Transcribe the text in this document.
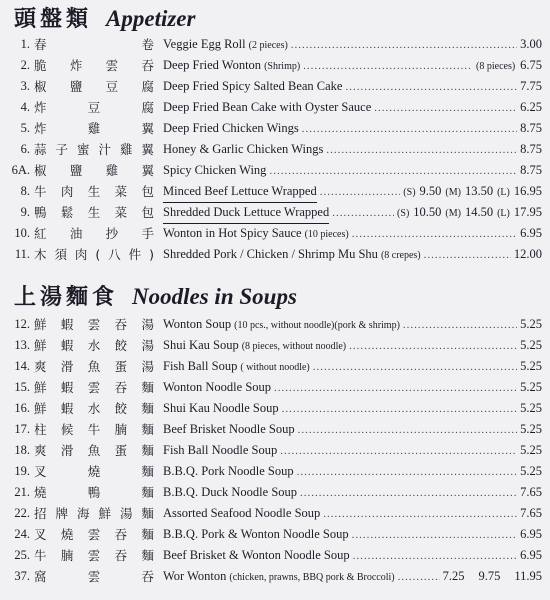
頭盤類 Appetizer
1. 春	卷 Veggie Egg Roll (2 pieces) .....	3.00
2. 脆 炸 雲 吞 Deep Fried Wonton (Shrimp) .....	(8 pieces) 6.75
3. 椒 鹽 豆 腐 Deep Fried Spicy Salted Bean Cake .....	7.75
4. 炸	豆	腐 Deep Fried Bean Cake with Oyster Sauce .....	6.25
5. 炸	雞	翼 Deep Fried Chicken Wings .....	8.75
6. 蒜 子 蜜 汁 雞 翼 Honey & Garlic Chicken Wings .....	8.75
6A. 椒 鹽 雞 翼 Spicy Chicken Wing .....	8.75
8. 牛 肉 生 菜 包 Minced Beef Lettuce Wrapped .....	(S) 9.50 (M) 13.50 (L) 16.95
9. 鴨 鬆 生 菜 包 Shredded Duck Lettuce Wrapped .....	(S) 10.50 (M) 14.50 (L) 17.95
10. 紅 油 抄 手 Wonton in Hot Spicy Sauce (10 pieces) .....	6.95
11. 木 須 肉 ( 八 件 ) Shredded Pork / Chicken / Shrimp Mu Shu (8 crepes) .....	12.00
上湯麵食 Noodles in Soups
12. 鮮 蝦 雲 吞 湯 Wonton Soup (10 pcs., without noodle)(pork & shrimp) .....	5.25
13. 鮮 蝦 水 餃 湯 Shui Kau Soup (8 pieces, without noodle) .....	5.25
14. 爽 滑 魚 蛋 湯 Fish Ball Soup ( without noodle) .....	5.25
15. 鮮 蝦 雲 吞 麵 Wonton Noodle Soup .....	5.25
16. 鮮 蝦 水 餃 麵 Shui Kau Noodle Soup .....	5.25
17. 柱 候 牛 腩 麵 Beef Brisket Noodle Soup .....	5.25
18. 爽 滑 魚 蛋 麵 Fish Ball Noodle Soup .....	5.25
19. 叉	燒	麵 B.B.Q. Pork Noodle Soup .....	5.25
21. 燒	鴨	麵 B.B.Q. Duck Noodle Soup .....	7.65
22. 招 牌 海 鮮 湯 麵 Assorted Seafood Noodle Soup .....	7.65
24. 叉 燒 雲 吞 麵 B.B.Q. Pork & Wonton Noodle Soup .....	6.95
25. 牛 腩 雲 吞 麵 Beef Brisket & Wonton Noodle Soup .....	6.95
37. 窩	雲	吞 Wor Wonton (chicken, prawns, BBQ pork & Broccoli) .....	7.25 9.75 11.95
